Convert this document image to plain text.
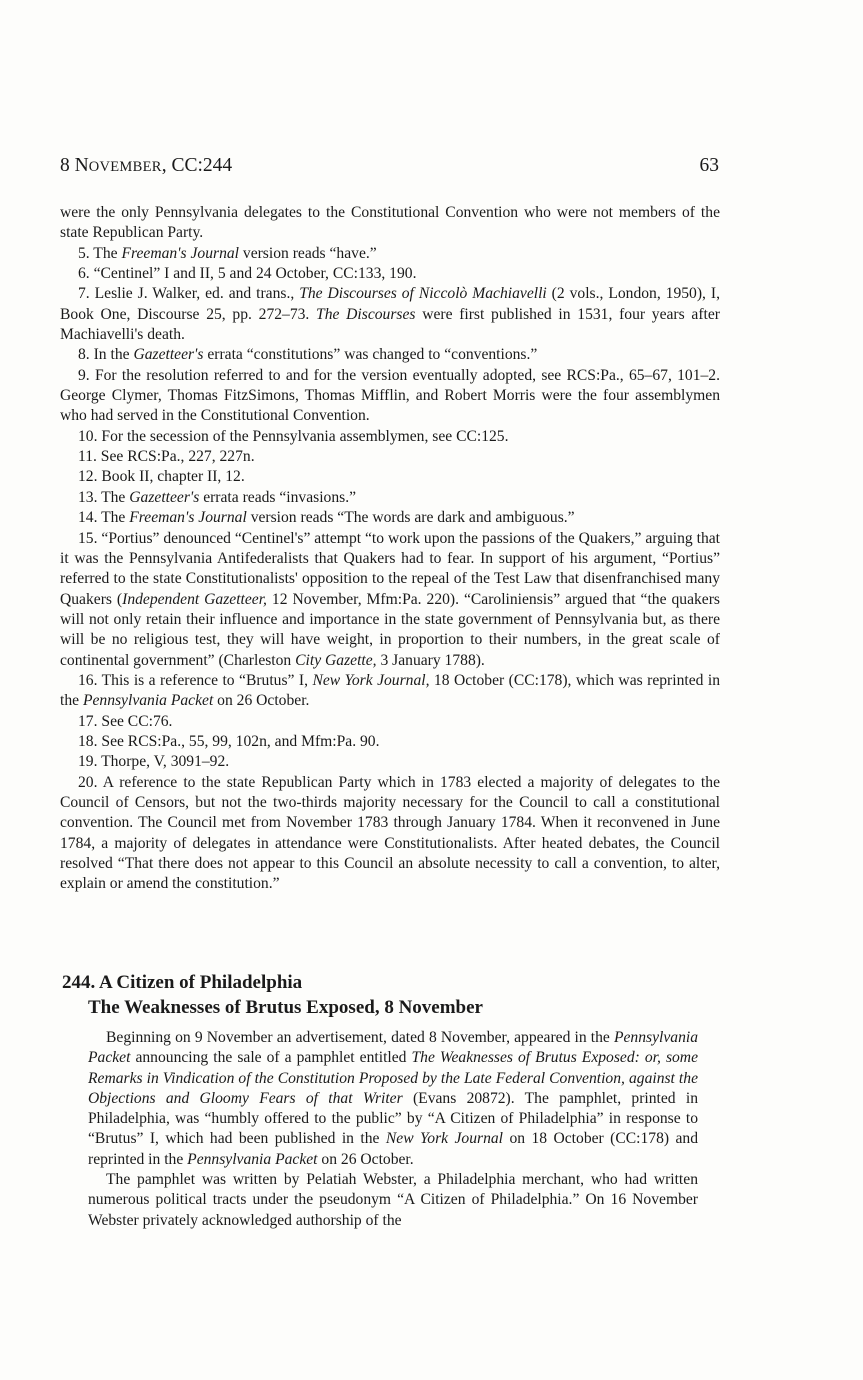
8 NOVEMBER, CC:244	63

were the only Pennsylvania delegates to the Constitutional Convention who were not members of the state Republican Party.

5. The Freeman's Journal version reads “have.”

6. “Centinel” I and II, 5 and 24 October, CC:133, 190.

7. Leslie J. Walker, ed. and trans., The Discourses of Niccolò Machiavelli (2 vols., London, 1950), I, Book One, Discourse 25, pp. 272–73. The Discourses were first published in 1531, four years after Machiavelli's death.

8. In the Gazetteer's errata “constitutions” was changed to “conventions.”

9. For the resolution referred to and for the version eventually adopted, see RCS:Pa., 65–67, 101–2. George Clymer, Thomas FitzSimons, Thomas Mifflin, and Robert Morris were the four assemblymen who had served in the Constitutional Convention.

10. For the secession of the Pennsylvania assemblymen, see CC:125.

11. See RCS:Pa., 227, 227n.

12. Book II, chapter II, 12.

13. The Gazetteer's errata reads “invasions.”

14. The Freeman's Journal version reads “The words are dark and ambiguous.”

15. “Portius” denounced “Centinel's” attempt “to work upon the passions of the Quakers,” arguing that it was the Pennsylvania Antifederalists that Quakers had to fear. In support of his argument, “Portius” referred to the state Constitutionalists' opposition to the repeal of the Test Law that disenfranchised many Quakers (Independent Gazetteer, 12 November, Mfm:Pa. 220). “Caroliniensis” argued that “the quakers will not only retain their influence and importance in the state government of Pennsylvania but, as there will be no religious test, they will have weight, in proportion to their numbers, in the great scale of continental government” (Charleston City Gazette, 3 January 1788).

16. This is a reference to “Brutus” I, New York Journal, 18 October (CC:178), which was reprinted in the Pennsylvania Packet on 26 October.

17. See CC:76.

18. See RCS:Pa., 55, 99, 102n, and Mfm:Pa. 90.

19. Thorpe, V, 3091–92.

20. A reference to the state Republican Party which in 1783 elected a majority of delegates to the Council of Censors, but not the two-thirds majority necessary for the Council to call a constitutional convention. The Council met from November 1783 through January 1784. When it reconvened in June 1784, a majority of delegates in attendance were Constitutionalists. After heated debates, the Council resolved “That there does not appear to this Council an absolute necessity to call a convention, to alter, explain or amend the constitution.”

244. A Citizen of Philadelphia
The Weaknesses of Brutus Exposed, 8 November

Beginning on 9 November an advertisement, dated 8 November, appeared in the Pennsylvania Packet announcing the sale of a pamphlet entitled The Weaknesses of Brutus Exposed: or, some Remarks in Vindication of the Constitution Proposed by the Late Federal Convention, against the Objections and Gloomy Fears of that Writer (Evans 20872). The pamphlet, printed in Philadelphia, was “humbly offered to the public” by “A Citizen of Philadelphia” in response to “Brutus” I, which had been published in the New York Journal on 18 October (CC:178) and reprinted in the Pennsylvania Packet on 26 October.

The pamphlet was written by Pelatiah Webster, a Philadelphia merchant, who had written numerous political tracts under the pseudonym “A Citizen of Philadelphia.” On 16 November Webster privately acknowledged authorship of the
